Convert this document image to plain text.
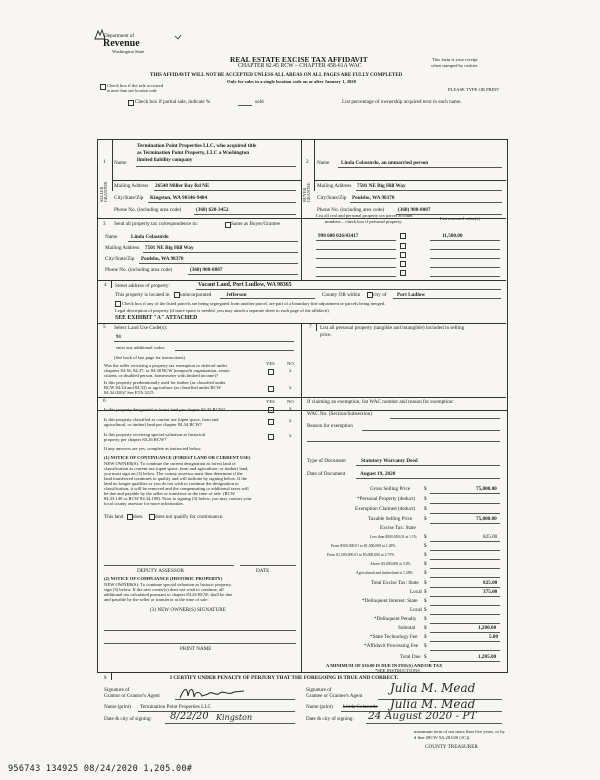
Department of
Revenue
Washington State
REAL ESTATE EXCISE TAX AFFIDAVIT
CHAPTER 82.45 RCW – CHAPTER 458-61A WAC
THIS AFFIDAVIT WILL NOT BE ACCEPTED UNLESS ALL AREAS ON ALL PAGES ARE FULLY COMPLETED
Only for sales in a single location code on or after January 1, 2020
This form is your receipt
when stamped by cashier.
PLEASE TYPE OR PRINT
Check box if the sale occurred
in more than one location code.
Check box if partial sale, indicate %	sold	List percentage of ownership acquired next to each name.
1 Name
Termination Point Properties LLC, who acquired title
as Termination Point Property, LLC a Washington
limited liability company
SELLER GRANTOR Mailing Address 26548 Miller Bay Rd NE
City/State/Zip Kingston, WA 98346-9404
Phone No. (including area code)	(360) 620-3452
2 Name Linda Colasurdo, an unmarried person
BUYER GRANTEE Mailing Address 7501 NE Big Hill Way
City/State/Zip Poulsbo, WA 98370
Phone No. (including area code)	(360) 908-8087
3 Send all property tax correspondence to:	Same as Buyer/Grantee
Name	Linda Colasurdo
Mailing Address 7501 NE Big Hill Way
City/State/Zip Poulsbo, WA 98370
Phone No. (including area code)	(360) 908-8087
List all real and personal property tax parcel account
numbers – check box if personal property
List assessed value(s)
998 600 026/43417	11,500.00
4 Street address of property:	Vacant Land, Port Ludlow, WA 98365
This property is located in unincorporated	Jefferson	County OR within city of Port Ludlow
Check box if any of the listed parcels are being segregated from another parcel, are part of a boundary line adjustment or parcels being merged.
Legal description of property (if more space is needed, you may attach a separate sheet to each page of the affidavit)
SEE EXHIBIT "A" ATTACHED
5 Select Land Use Code(s):
91
enter any additional codes:
(See back of last page for instructions)
YES	NO
Was the seller receiving a property tax exemption or deferral under
chapters 84.36, 84.37, or 84.38 RCW (nonprofit organization, senior
citizen, or disabled person, homeowner with limited income)?
x
Is this property predominantly used for timber (as classified under
RCW 84.34 and 84.33) or agriculture (as classified under RCW
84.34.020)? See ETA 3215
x
7 List all personal property (tangible and intangible) included in selling
price.
6	YES	NO
Is this property designated as forest land per chapter 84.33 RCW?	x
Is this property classified as current use (open space, farm and
agricultural, or timber) land per chapter 84.34 RCW?
x
Is this property receiving special valuation as historical
property per chapter 84.26 RCW?
x
If any answers are yes, complete as instructed below.
(1) NOTICE OF CONTINUANCE (FOREST LAND OR CURRENT USE)
NEW OWNER(S): To continue the current designation as forest land or
classification as current use (open space, farm and agriculture, or timber) land,
you must sign on (3) below. The county assessor must then determine if the
land transferred continues to qualify and will indicate by signing below. If the
land no longer qualifies or you do not wish to continue the designation or
classification, it will be removed and the compensating or additional taxes will
be due and payable by the seller or transferor at the time of sale. (RCW
84.33.140 or RCW 84.34.108). Prior to signing (3) below, you may contact your
local county assessor for more information.
This land does does not qualify for continuance.
DEPUTY ASSESSOR	DATE
(2) NOTICE OF COMPLIANCE (HISTORIC PROPERTY)
NEW OWNER(S): To continue special valuation as historic property,
sign (3) below. If the new owner(s) does not wish to continue, all
additional tax calculated pursuant to chapter 84.26 RCW, shall be due
and payable by the seller or transferor at the time of sale.
(3) NEW OWNER(S) SIGNATURE
PRINT NAME
If claiming an exemption, list WAC number and reason for exemption:
WAC No. (Section/Subsection)
Reason for exemption
Type of Document	Statutory Warranty Deed
Date of Document	August 19, 2020
Gross Selling Price	$	75,000.00
*Personal Property (deduct) $
Exemption Claimed (deduct) $
Taxable Selling Price $	75,000.00
Excise Tax: State
Less than $500,000.01 at 1.1% $	825.00
From $500,000.01 to $1,500,000 at 1.28%	$
From $1,500,000.01 to $3,000,000 at 2.75%	$
Above $3,000,000 at 3.0%	$
Agricultural and timberland at 1.28% $
Total Excise Tax: State $	825.00
Local $	375.00
*Delinquent Interest: State $
Local $
*Delinquent Penalty $
Subtotal $	1,200.00
*State Technology Fee $	5.00
*Affidavit Processing Fee $
Total Due $	1,205.00
A MINIMUM OF $10.00 IS DUE IN FEE(S) AND/OR TAX
*SEE INSTRUCTIONS
8	I CERTIFY UNDER PENALTY OF PERJURY THAT THE FOREGOING IS TRUE AND CORRECT.
Signature of
Grantor or Grantor's Agent
Name (print) Termination Point Properties LLC
Date & city of signing: 8/22/20 Kingston
Signature of
Grantee or Grantee's Agent
Julia M. Mead
Name (print) Linda Colasurdo Julia M. Mead
Date & city of signing: 24 August 2020 - PT
maximum term of not more than five years, or by
d fine (RCW 9A.20.020 (1C)).
COUNTY TREASURER
956743 134925 08/24/2020 1,205.00#
